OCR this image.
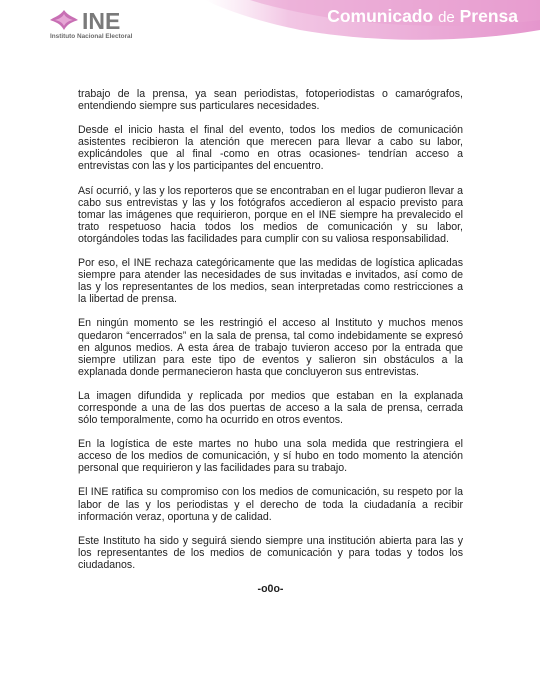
Comunicado de Prensa
INE
Instituto Nacional Electoral

trabajo de la prensa, ya sean periodistas, fotoperiodistas o camarógrafos, entendiendo siempre sus particulares necesidades.

Desde el inicio hasta el final del evento, todos los medios de comunicación asistentes recibieron la atención que merecen para llevar a cabo su labor, explicándoles que al final -como en otras ocasiones- tendrían acceso a entrevistas con las y los participantes del encuentro.

Así ocurrió, y las y los reporteros que se encontraban en el lugar pudieron llevar a cabo sus entrevistas y las y los fotógrafos accedieron al espacio previsto para tomar las imágenes que requirieron, porque en el INE siempre ha prevalecido el trato respetuoso hacia todos los medios de comunicación y su labor, otorgándoles todas las facilidades para cumplir con su valiosa responsabilidad.

Por eso, el INE rechaza categóricamente que las medidas de logística aplicadas siempre para atender las necesidades de sus invitadas e invitados, así como de las y los representantes de los medios, sean interpretadas como restricciones a la libertad de prensa.

En ningún momento se les restringió el acceso al Instituto y muchos menos quedaron “encerrados” en la sala de prensa, tal como indebidamente se expresó en algunos medios. A esta área de trabajo tuvieron acceso por la entrada que siempre utilizan para este tipo de eventos y salieron sin obstáculos a la explanada donde permanecieron hasta que concluyeron sus entrevistas.

La imagen difundida y replicada por medios que estaban en la explanada corresponde a una de las dos puertas de acceso a la sala de prensa, cerrada sólo temporalmente, como ha ocurrido en otros eventos.

En la logística de este martes no hubo una sola medida que restringiera el acceso de los medios de comunicación, y sí hubo en todo momento la atención personal que requirieron y las facilidades para su trabajo.

El INE ratifica su compromiso con los medios de comunicación, su respeto por la labor de las y los periodistas y el derecho de toda la ciudadanía a recibir información veraz, oportuna y de calidad.

Este Instituto ha sido y seguirá siendo siempre una institución abierta para las y los representantes de los medios de comunicación y para todas y todos los ciudadanos.

-o0o-
